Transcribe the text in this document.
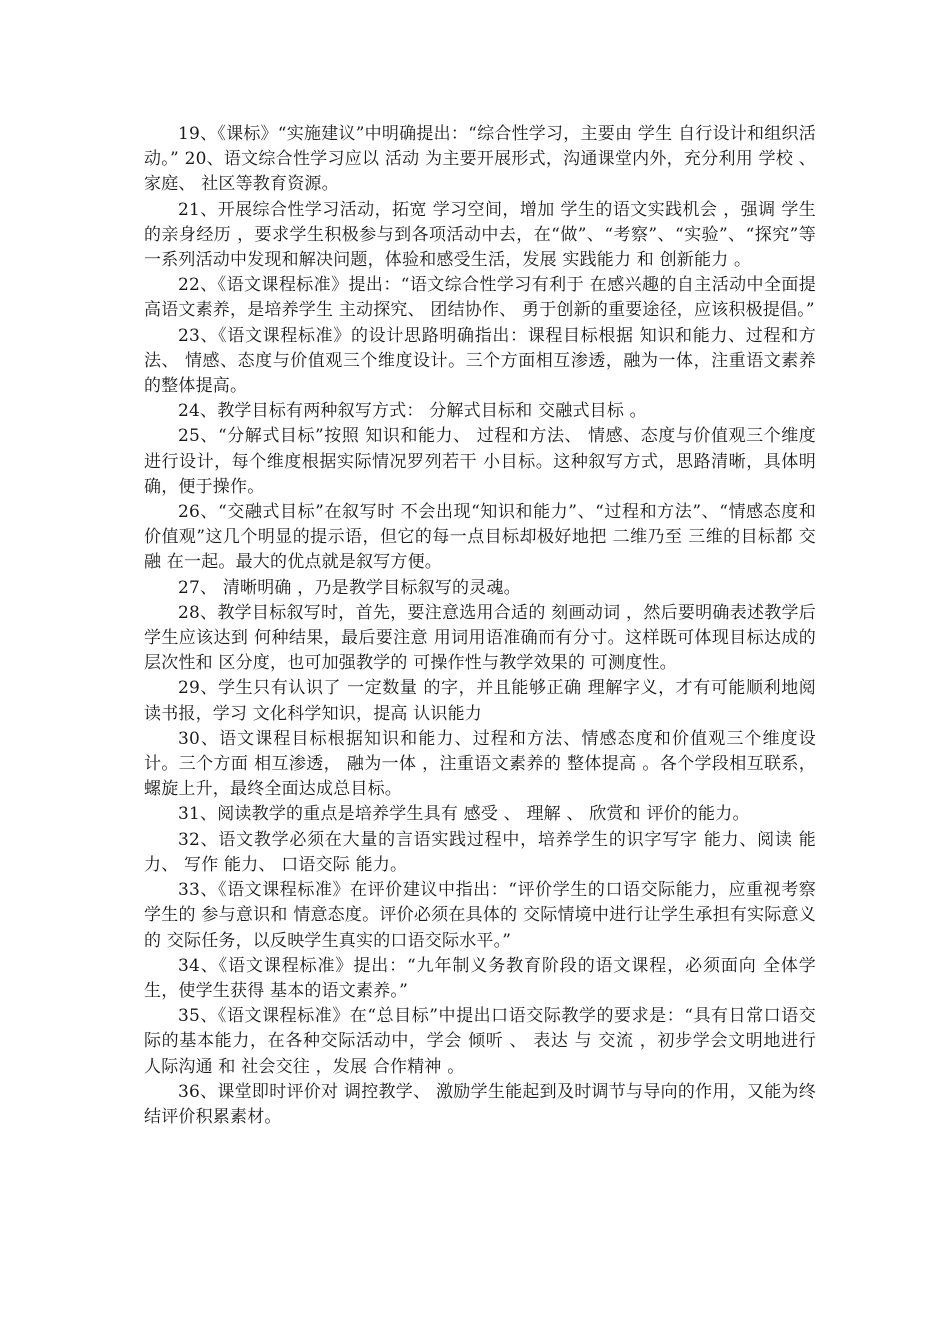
19、《课标》“实施建议”中明确提出：“综合性学习，主要由 学生 自行设计和组织活动。” 20、语文综合性学习应以 活动 为主要开展形式，沟通课堂内外，充分利用 学校 、 家庭、 社区等教育资源。

21、开展综合性学习活动，拓宽 学习空间，增加 学生的语文实践机会 ，强调 学生的亲身经历 ，要求学生积极参与到各项活动中去，在“做”、“考察”、“实验”、“探究”等一系列活动中发现和解决问题，体验和感受生活，发展 实践能力 和 创新能力 。

22、《语文课程标准》提出：“语文综合性学习有利于 在感兴趣的自主活动中全面提高语文素养，是培养学生 主动探究、 团结协作、 勇于创新的重要途径，应该积极提倡。”

23、《语文课程标准》的设计思路明确指出：课程目标根据 知识和能力、过程和方法、 情感、态度与价值观三个维度设计。三个方面相互渗透，融为一体，注重语文素养 的整体提高。

24、教学目标有两种叙写方式： 分解式目标和 交融式目标 。

25、“分解式目标”按照 知识和能力、 过程和方法、 情感、态度与价值观三个维度进行设计，每个维度根据实际情况罗列若干 小目标。这种叙写方式，思路清晰，具体明确，便于操作。

26、“交融式目标”在叙写时 不会出现“知识和能力”、“过程和方法”、“情感态度和价值观”这几个明显的提示语，但它的每一点目标却极好地把 二维乃至 三维的目标都 交融 在一起。最大的优点就是叙写方便。

27、 清晰明确 ，乃是教学目标叙写的灵魂。

28、教学目标叙写时，首先，要注意选用合适的 刻画动词 ，然后要明确表述教学后学生应该达到 何种结果，最后要注意 用词用语准确而有分寸。这样既可体现目标达成的 层次性和 区分度，也可加强教学的 可操作性与教学效果的 可测度性。

29、学生只有认识了 一定数量 的字，并且能够正确 理解字义，才有可能顺利地阅读书报，学习 文化科学知识，提高 认识能力

30、语文课程目标根据知识和能力、过程和方法、情感态度和价值观三个维度设计。三个方面 相互渗透， 融为一体 ，注重语文素养的 整体提高 。各个学段相互联系， 螺旋上升，最终全面达成总目标。

31、阅读教学的重点是培养学生具有 感受 、 理解 、 欣赏和 评价的能力。

32、语文教学必须在大量的言语实践过程中，培养学生的识字写字 能力、阅读 能力、 写作 能力、 口语交际 能力。

33、《语文课程标准》在评价建议中指出：“评价学生的口语交际能力，应重视考察学生的 参与意识和 情意态度。评价必须在具体的 交际情境中进行让学生承担有实际意义的 交际任务，以反映学生真实的口语交际水平。”

34、《语文课程标准》提出：“九年制义务教育阶段的语文课程，必须面向 全体学生，使学生获得 基本的语文素养。”

35、《语文课程标准》在“总目标”中提出口语交际教学的要求是：“具有日常口语交际的基本能力，在各种交际活动中，学会 倾听 、 表达 与 交流 ，初步学会文明地进行 人际沟通 和 社会交往 ，发展 合作精神 。

36、课堂即时评价对 调控教学、 激励学生能起到及时调节与导向的作用，又能为终结评价积累素材。
